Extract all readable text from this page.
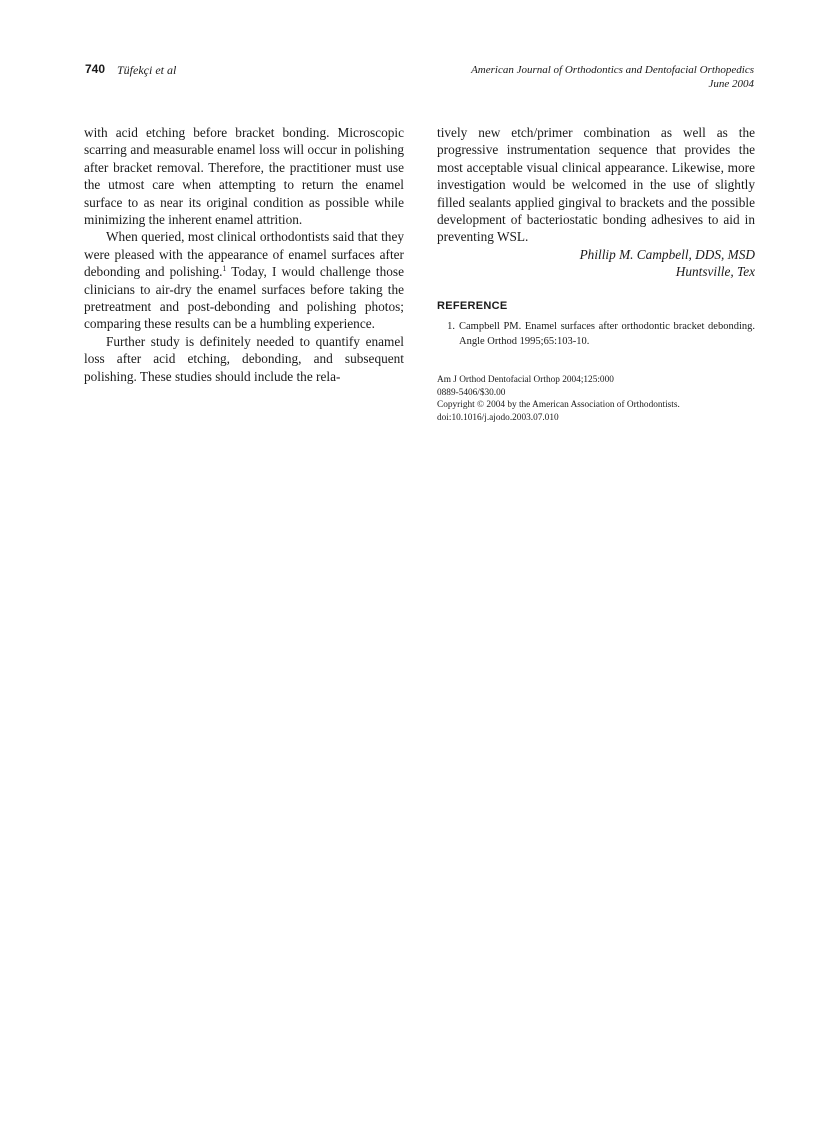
740 Tüfekçi et al	American Journal of Orthodontics and Dentofacial Orthopedics
June 2004

with acid etching before bracket bonding. Microscopic scarring and measurable enamel loss will occur in polishing after bracket removal. Therefore, the practitioner must use the utmost care when attempting to return the enamel surface to as near its original condition as possible while minimizing the inherent enamel attrition.

When queried, most clinical orthodontists said that they were pleased with the appearance of enamel surfaces after debonding and polishing.$^1$ Today, I would challenge those clinicians to air-dry the enamel surfaces before taking the pretreatment and post-debonding and polishing photos; comparing these results can be a humbling experience.

Further study is definitely needed to quantify enamel loss after acid etching, debonding, and subsequent polishing. These studies should include the rela-

tively new etch/primer combination as well as the progressive instrumentation sequence that provides the most acceptable visual clinical appearance. Likewise, more investigation would be welcomed in the use of slightly filled sealants applied gingival to brackets and the possible development of bacteriostatic bonding adhesives to aid in preventing WSL.

Phillip M. Campbell, DDS, MSD

Huntsville, Tex

REFERENCE
1. Campbell PM. Enamel surfaces after orthodontic bracket debonding. Angle Orthod 1995;65:103-10.
Am J Orthod Dentofacial Orthop 2004;125:000
0889-5406/$30.00
Copyright © 2004 by the American Association of Orthodontists.
doi:10.1016/j.ajodo.2003.07.010
